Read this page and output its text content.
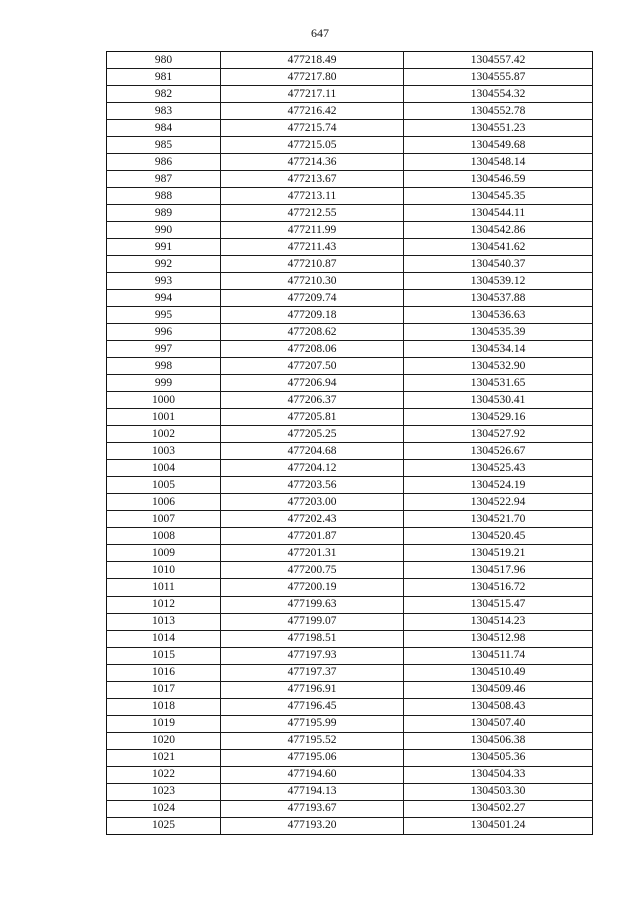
647
980	477218.49	1304557.42
981	477217.80	1304555.87
982	477217.11	1304554.32
983	477216.42	1304552.78
984	477215.74	1304551.23
985	477215.05	1304549.68
986	477214.36	1304548.14
987	477213.67	1304546.59
988	477213.11	1304545.35
989	477212.55	1304544.11
990	477211.99	1304542.86
991	477211.43	1304541.62
992	477210.87	1304540.37
993	477210.30	1304539.12
994	477209.74	1304537.88
995	477209.18	1304536.63
996	477208.62	1304535.39
997	477208.06	1304534.14
998	477207.50	1304532.90
999	477206.94	1304531.65
1000	477206.37	1304530.41
1001	477205.81	1304529.16
1002	477205.25	1304527.92
1003	477204.68	1304526.67
1004	477204.12	1304525.43
1005	477203.56	1304524.19
1006	477203.00	1304522.94
1007	477202.43	1304521.70
1008	477201.87	1304520.45
1009	477201.31	1304519.21
1010	477200.75	1304517.96
1011	477200.19	1304516.72
1012	477199.63	1304515.47
1013	477199.07	1304514.23
1014	477198.51	1304512.98
1015	477197.93	1304511.74
1016	477197.37	1304510.49
1017	477196.91	1304509.46
1018	477196.45	1304508.43
1019	477195.99	1304507.40
1020	477195.52	1304506.38
1021	477195.06	1304505.36
1022	477194.60	1304504.33
1023	477194.13	1304503.30
1024	477193.67	1304502.27
1025	477193.20	1304501.24
